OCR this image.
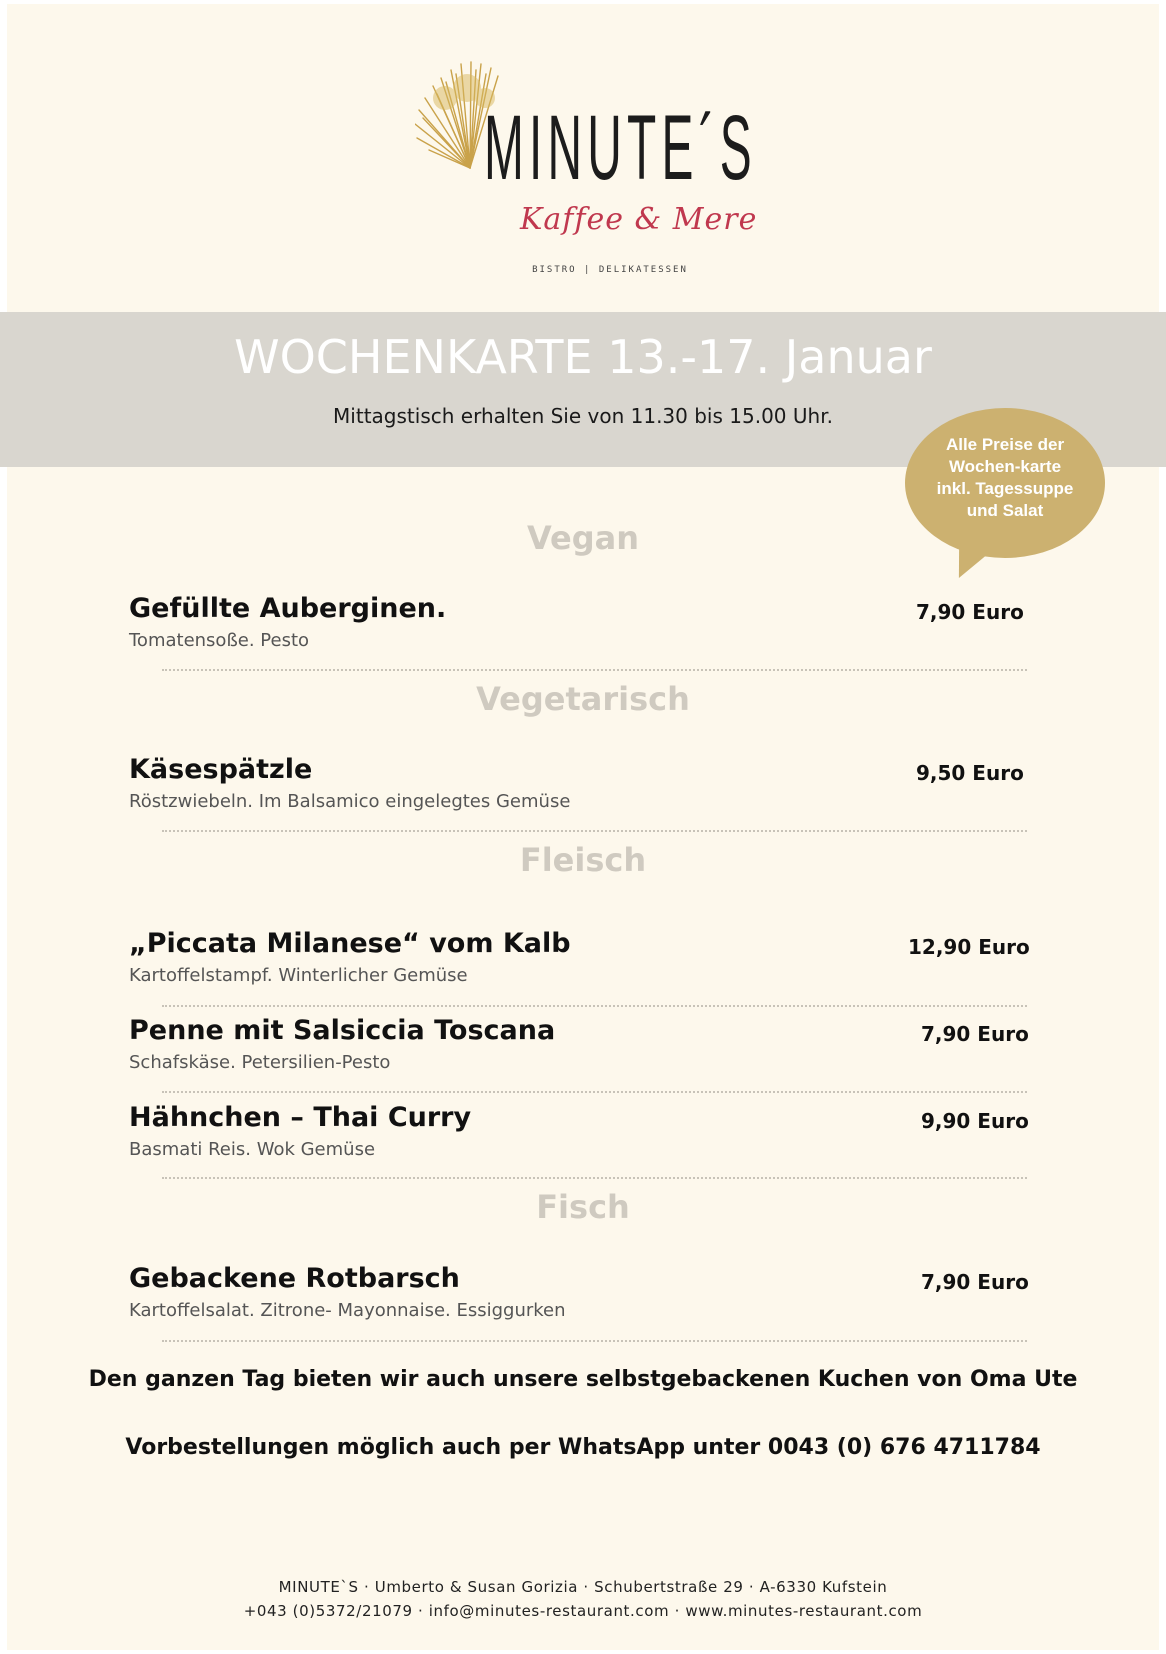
MINUTE´S
Kaffee & Mere
BISTRO | DELIKATESSEN
WOCHENKARTE 13.-17. Januar
Mittagstisch erhalten Sie von 11.30 bis 15.00 Uhr.
Alle Preise der Wochen-karte inkl. Tagessuppe und Salat
Vegan
Gefüllte Auberginen.
Tomatensoße. Pesto
7,90 Euro
Vegetarisch
Käsespätzle
Röstzwiebeln. Im Balsamico eingelegtes Gemüse
9,50 Euro
Fleisch
„Piccata Milanese“ vom Kalb
Kartoffelstampf. Winterlicher Gemüse
12,90 Euro
Penne mit Salsiccia Toscana
Schafskäse. Petersilien-Pesto
7,90 Euro
Hähnchen – Thai Curry
Basmati Reis. Wok Gemüse
9,90 Euro
Fisch
Gebackene Rotbarsch
Kartoffelsalat. Zitrone- Mayonnaise. Essiggurken
7,90 Euro
Den ganzen Tag bieten wir auch unsere selbstgebackenen Kuchen von Oma Ute
Vorbestellungen möglich auch per WhatsApp unter 0043 (0) 676 4711784
MINUTE`S · Umberto & Susan Gorizia · Schubertstraße 29 · A-6330 Kufstein
+043 (0)5372/21079 · info@minutes-restaurant.com · www.minutes-restaurant.com
